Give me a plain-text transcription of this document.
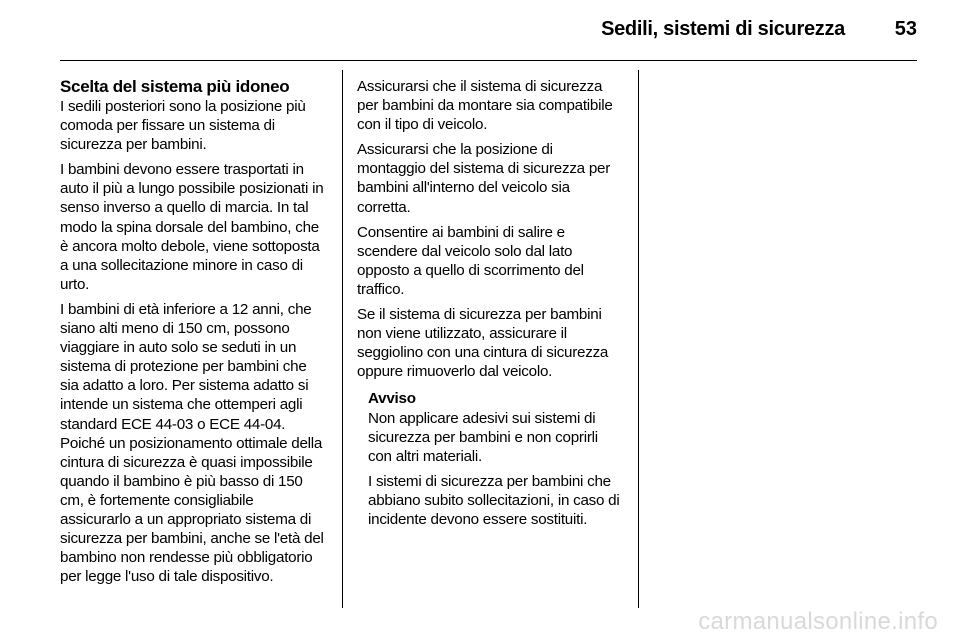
Sedili, sistemi di sicurezza 53
Scelta del sistema più idoneo

I sedili posteriori sono la posizione più comoda per fissare un sistema di sicurezza per bambini.

I bambini devono essere trasportati in auto il più a lungo possibile posizionati in senso inverso a quello di marcia. In tal modo la spina dorsale del bambino, che è ancora molto debole, viene sottoposta a una sollecitazione minore in caso di urto.

I bambini di età inferiore a 12 anni, che siano alti meno di 150 cm, possono viaggiare in auto solo se seduti in un sistema di protezione per bambini che sia adatto a loro. Per sistema adatto si intende un sistema che ottemperi agli standard ECE 44-03 o ECE 44-04. Poiché un posizionamento ottimale della cintura di sicurezza è quasi impossibile quando il bambino è più basso di 150 cm, è fortemente consigliabile assicurarlo a un appropriato sistema di sicurezza per bambini, anche se l'età del bambino non rendesse più obbligatorio per legge l'uso di tale dispositivo.

Assicurarsi che il sistema di sicurezza per bambini da montare sia compatibile con il tipo di veicolo.

Assicurarsi che la posizione di montaggio del sistema di sicurezza per bambini all'interno del veicolo sia corretta.

Consentire ai bambini di salire e scendere dal veicolo solo dal lato opposto a quello di scorrimento del traffico.

Se il sistema di sicurezza per bambini non viene utilizzato, assicurare il seggiolino con una cintura di sicurezza oppure rimuoverlo dal veicolo.

Avviso

Non applicare adesivi sui sistemi di sicurezza per bambini e non coprirli con altri materiali.

I sistemi di sicurezza per bambini che abbiano subito sollecitazioni, in caso di incidente devono essere sostituiti.

carmanualsonline.info
